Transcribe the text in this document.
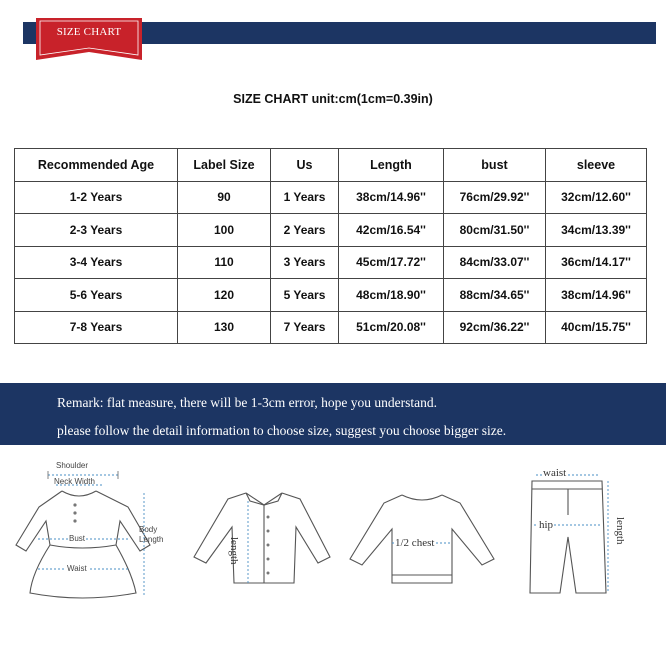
SIZE CHART
SIZE CHART unit:cm(1cm=0.39in)
Recommended Age	Label Size	Us	Length	bust	sleeve
1-2 Years	90	1 Years	38cm/14.96''	76cm/29.92''	32cm/12.60''
2-3 Years	100	2 Years	42cm/16.54''	80cm/31.50''	34cm/13.39''
3-4 Years	110	3 Years	45cm/17.72''	84cm/33.07''	36cm/14.17''
5-6 Years	120	5 Years	48cm/18.90''	88cm/34.65''	38cm/14.96''
7-8 Years	130	7 Years	51cm/20.08''	92cm/36.22''	40cm/15.75''
Remark: flat measure, there will be 1-3cm error, hope you understand.
please follow the detail information to choose size, suggest you choose bigger size.
Shoulder
Neck Width
Body
Length
Bust
Waist
length	1/2 chest
waist
hip	length
